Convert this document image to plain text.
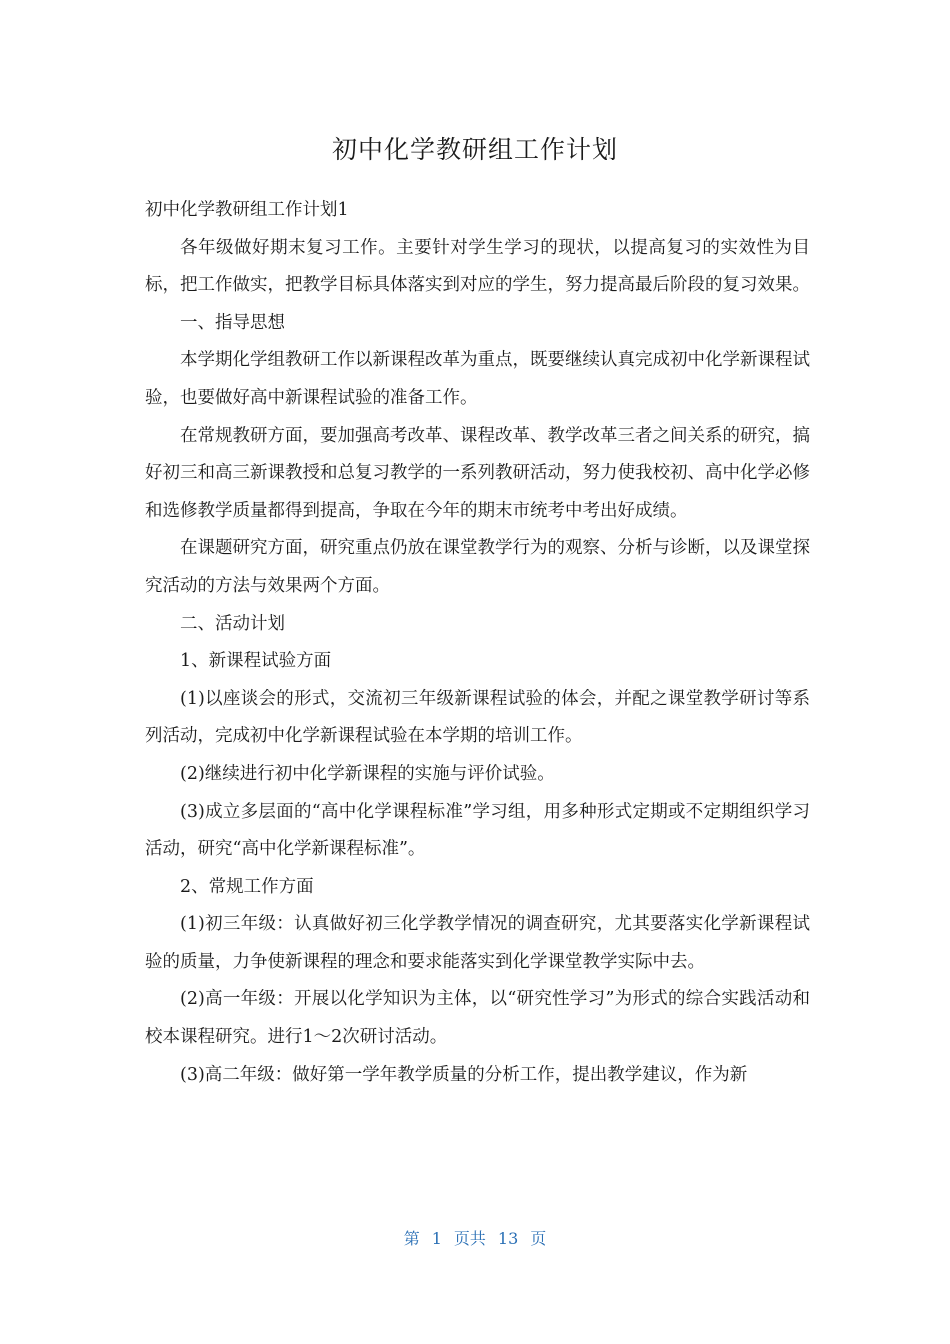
初中化学教研组工作计划

初中化学教研组工作计划1

各年级做好期末复习工作。主要针对学生学习的现状，以提高复习的实效性为目标，把工作做实，把教学目标具体落实到对应的学生，努力提高最后阶段的复习效果。

一、指导思想

本学期化学组教研工作以新课程改革为重点，既要继续认真完成初中化学新课程试验，也要做好高中新课程试验的准备工作。

在常规教研方面，要加强高考改革、课程改革、教学改革三者之间关系的研究，搞好初三和高三新课教授和总复习教学的一系列教研活动，努力使我校初、高中化学必修和选修教学质量都得到提高，争取在今年的期末市统考中考出好成绩。

在课题研究方面，研究重点仍放在课堂教学行为的观察、分析与诊断，以及课堂探究活动的方法与效果两个方面。

二、活动计划

1、新课程试验方面

(1)以座谈会的形式，交流初三年级新课程试验的体会，并配之课堂教学研讨等系列活动，完成初中化学新课程试验在本学期的培训工作。

(2)继续进行初中化学新课程的实施与评价试验。

(3)成立多层面的“高中化学课程标准”学习组，用多种形式定期或不定期组织学习活动，研究“高中化学新课程标准”。

2、常规工作方面

(1)初三年级：认真做好初三化学教学情况的调查研究，尤其要落实化学新课程试验的质量，力争使新课程的理念和要求能落实到化学课堂教学实际中去。

(2)高一年级：开展以化学知识为主体，以“研究性学习”为形式的综合实践活动和校本课程研究。进行1～2次研讨活动。

(3)高二年级：做好第一学年教学质量的分析工作，提出教学建议，作为新

第 1 页共 13 页
